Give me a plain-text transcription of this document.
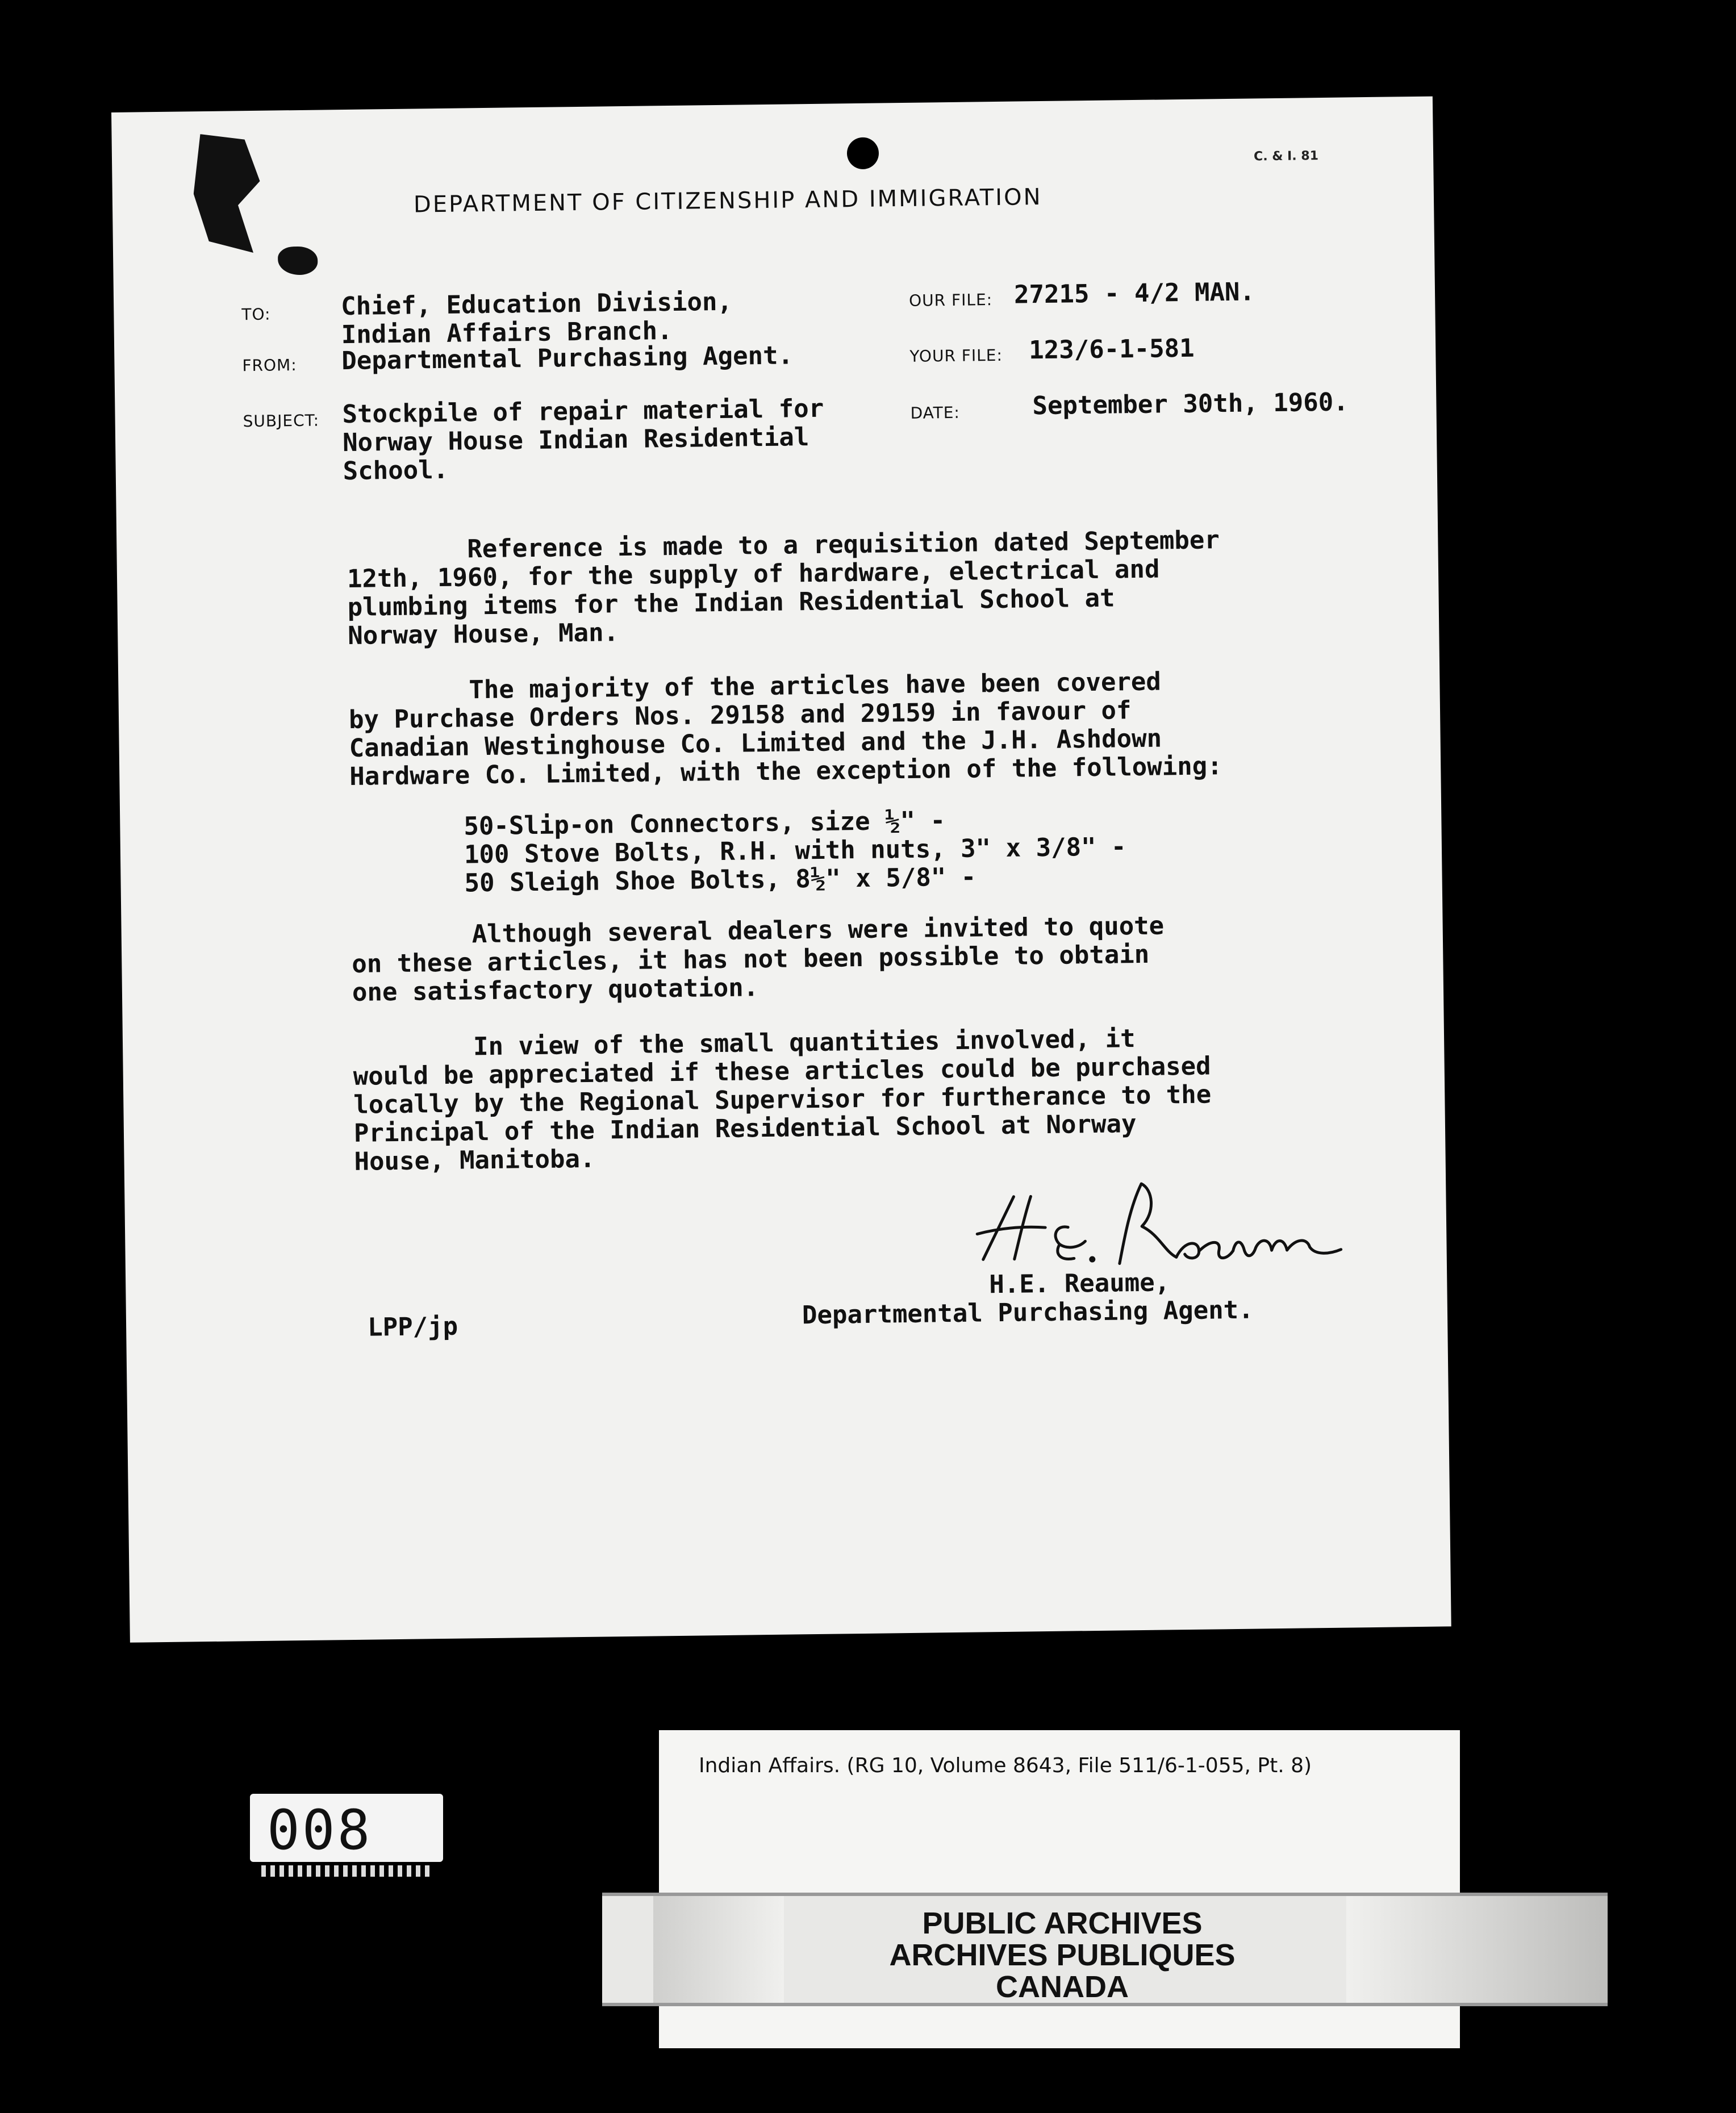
C. & I. 81
DEPARTMENT OF CITIZENSHIP AND IMMIGRATION
TO:	Chief, Education Division,
Indian Affairs Branch.
FROM: Departmental Purchasing Agent.
SUBJECT: Stockpile of repair material for
Norway House Indian Residential
School.
OUR FILE: 27215 - 4/2 MAN.
YOUR FILE: 123/6-1-581
DATE:	September 30th, 1960.
Reference is made to a requisition dated September
12th, 1960, for the supply of hardware, electrical and
plumbing items for the Indian Residential School at
Norway House, Man.
The majority of the articles have been covered
by Purchase Orders Nos. 29158 and 29159 in favour of
Canadian Westinghouse Co. Limited and the J.H. Ashdown
Hardware Co. Limited, with the exception of the following:
50-Slip-on Connectors, size ½" -
100 Stove Bolts, R.H. with nuts, 3" x 3/8" -
50 Sleigh Shoe Bolts, 8½" x 5/8" -
Although several dealers were invited to quote
on these articles, it has not been possible to obtain
one satisfactory quotation.
In view of the small quantities involved, it
would be appreciated if these articles could be purchased
locally by the Regional Supervisor for furtherance to the
Principal of the Indian Residential School at Norway
House, Manitoba.
H.E. Reaume,
Departmental Purchasing Agent.
LPP/jp
008
Indian Affairs. (RG 10, Volume 8643, File 511/6-1-055, Pt. 8)
PUBLIC ARCHIVES
ARCHIVES PUBLIQUES
CANADA
